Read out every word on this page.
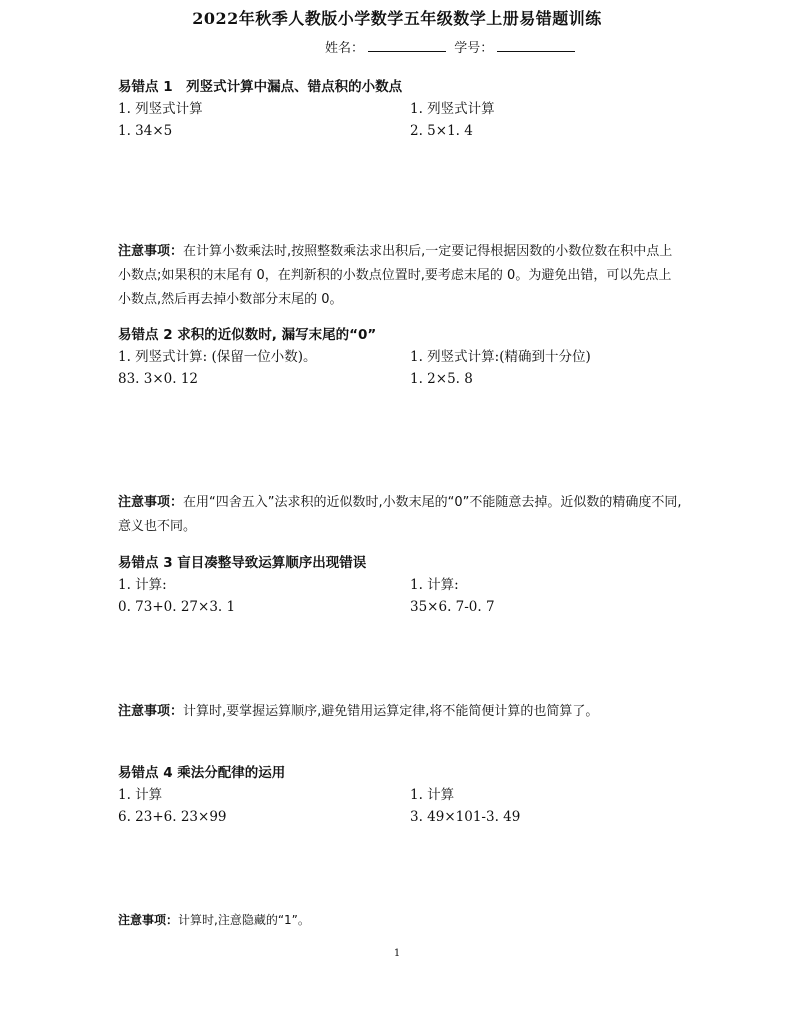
2022年秋季人教版小学数学五年级数学上册易错题训练
姓名：	学号：
易错点 1　列竖式计算中漏点、错点积的小数点
1. 列竖式计算	1. 列竖式计算
1. 34×5	2. 5×1. 4
注意事项：在计算小数乘法时,按照整数乘法求出积后,一定要记得根据因数的小数位数在积中点上小数点;如果积的末尾有 0，在判新积的小数点位置时,要考虑末尾的 0。为避免出错，可以先点上小数点,然后再去掉小数部分末尾的 0。
易错点 2 求积的近似数时, 漏写末尾的“0”
1. 列竖式计算: (保留一位小数)。	1. 列竖式计算:(精确到十分位)
83. 3×0. 12	1. 2×5. 8
注意事项：在用“四舍五入”法求积的近似数时,小数末尾的“0”不能随意去掉。近似数的精确度不同,意义也不同。
易错点 3 盲目凑整导致运算顺序出现错误
1. 计算:	1. 计算:
0. 73+0. 27×3. 1	35×6. 7-0. 7
注意事项：计算时,要掌握运算顺序,避免错用运算定律,将不能简便计算的也简算了。
易错点 4 乘法分配律的运用
1. 计算	1. 计算
6. 23+6. 23×99	3. 49×101-3. 49
注意事项：计算时,注意隐藏的“1”。
1
